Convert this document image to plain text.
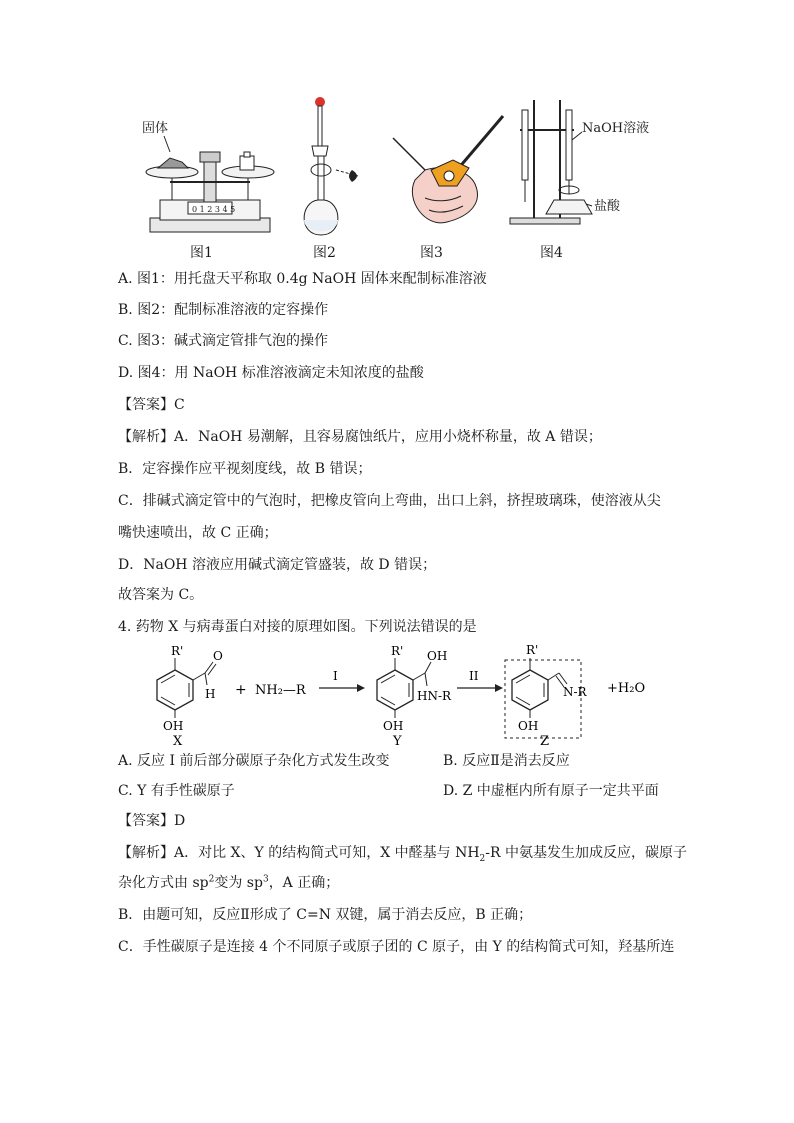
固体
0 1 2 3 4 5
图1	图2	图3
NaOH溶液
盐酸
图4
A. 图1：用托盘天平称取 0.4g NaOH 固体来配制标准溶液
B. 图2：配制标准溶液的定容操作
C. 图3：碱式滴定管排气泡的操作
D. 图4：用 NaOH 标准溶液滴定未知浓度的盐酸
【答案】C
【解析】A．NaOH 易潮解，且容易腐蚀纸片，应用小烧杯称量，故 A 错误；
B．定容操作应平视刻度线，故 B 错误；
C．排碱式滴定管中的气泡时，把橡皮管向上弯曲，出口上斜，挤捏玻璃珠，使溶液从尖
嘴快速喷出，故 C 正确；
D．NaOH 溶液应用碱式滴定管盛装，故 D 错误；
故答案为 C。
4. 药物 X 与病毒蛋白对接的原理如图。下列说法错误的是
R' O
H
OH
X
+ NH₂—R
I
R' OH
HN-R
OH
Y
II
R'
N-R
OH
Z
+H₂O
A. 反应 I 前后部分碳原子杂化方式发生改变	B. 反应Ⅱ是消去反应
C. Y 有手性碳原子	D. Z 中虚框内所有原子一定共平面
【答案】D
【解析】A．对比 X、Y 的结构简式可知，X 中醛基与 $NH_2-R$ 中氨基发生加成反应，碳原子
杂化方式由 $sp^2$变为 $sp^3$，A 正确；
B．由题可知，反应Ⅱ形成了 C=N 双键，属于消去反应，B 正确；
C．手性碳原子是连接 4 个不同原子或原子团的 C 原子，由 Y 的结构简式可知，羟基所连
